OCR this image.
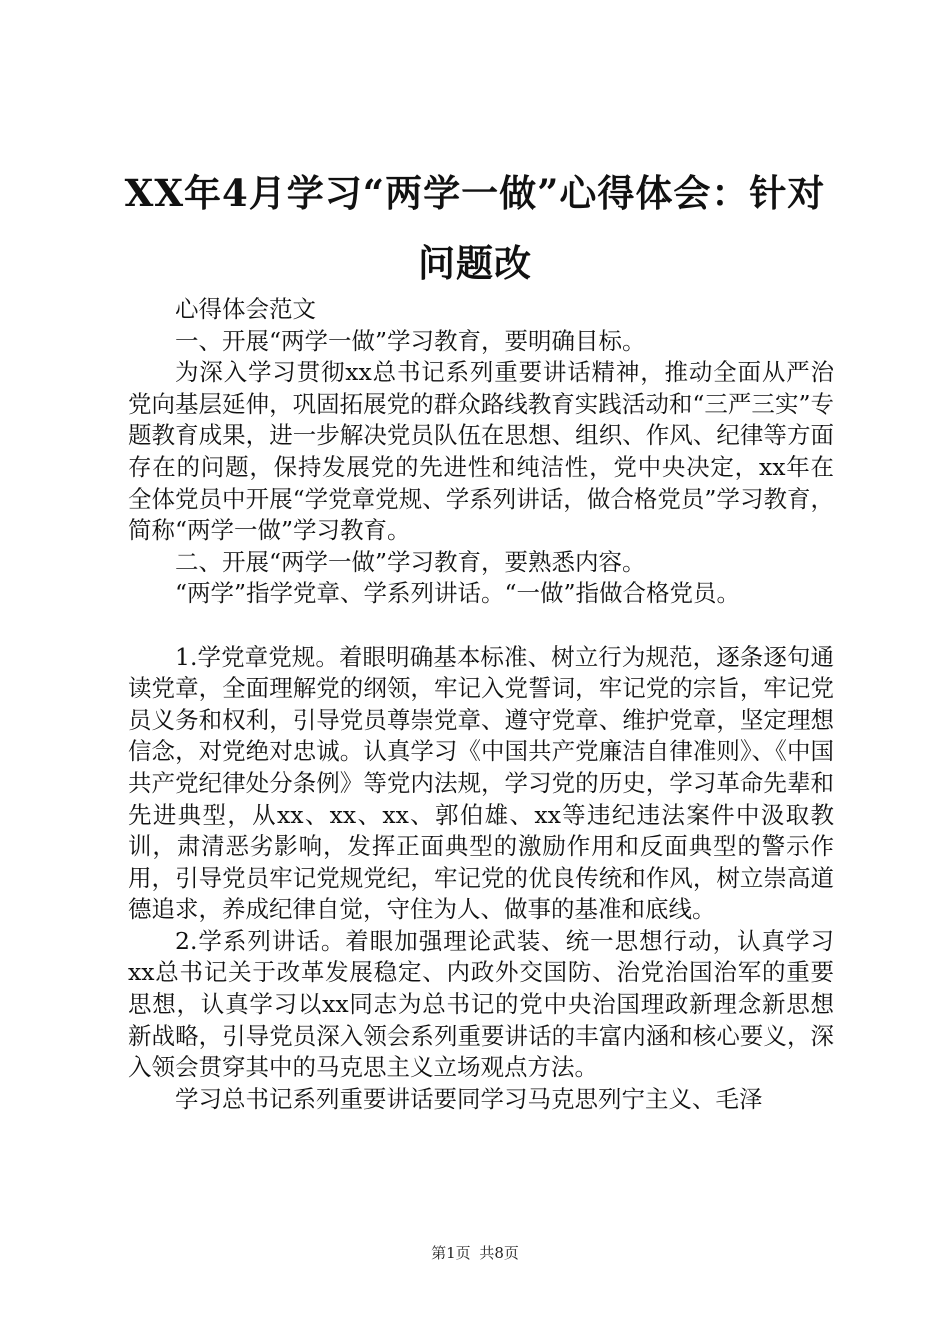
XX年4月学习“两学一做”心得体会：针对问题改

心得体会范文

一、开展“两学一做”学习教育，要明确目标。

为深入学习贯彻xx总书记系列重要讲话精神，推动全面从严治党向基层延伸，巩固拓展党的群众路线教育实践活动和“三严三实”专题教育成果，进一步解决党员队伍在思想、组织、作风、纪律等方面存在的问题，保持发展党的先进性和纯洁性，党中央决定，xx年在全体党员中开展“学党章党规、学系列讲话，做合格党员”学习教育，简称“两学一做”学习教育。

二、开展“两学一做”学习教育，要熟悉内容。

“两学”指学党章、学系列讲话。“一做”指做合格党员。

1.学党章党规。着眼明确基本标准、树立行为规范，逐条逐句通读党章，全面理解党的纲领，牢记入党誓词，牢记党的宗旨，牢记党员义务和权利，引导党员尊崇党章、遵守党章、维护党章，坚定理想信念，对党绝对忠诚。认真学习《中国共产党廉洁自律准则》、《中国共产党纪律处分条例》等党内法规，学习党的历史，学习革命先辈和先进典型，从xx、xx、xx、郭伯雄、xx等违纪违法案件中汲取教训，肃清恶劣影响，发挥正面典型的激励作用和反面典型的警示作用，引导党员牢记党规党纪，牢记党的优良传统和作风，树立崇高道德追求，养成纪律自觉，守住为人、做事的基准和底线。

2.学系列讲话。着眼加强理论武装、统一思想行动，认真学习xx总书记关于改革发展稳定、内政外交国防、治党治国治军的重要思想，认真学习以xx同志为总书记的党中央治国理政新理念新思想新战略，引导党员深入领会系列重要讲话的丰富内涵和核心要义，深入领会贯穿其中的马克思主义立场观点方法。

学习总书记系列重要讲话要同学习马克思列宁主义、毛泽

第1页 共8页
